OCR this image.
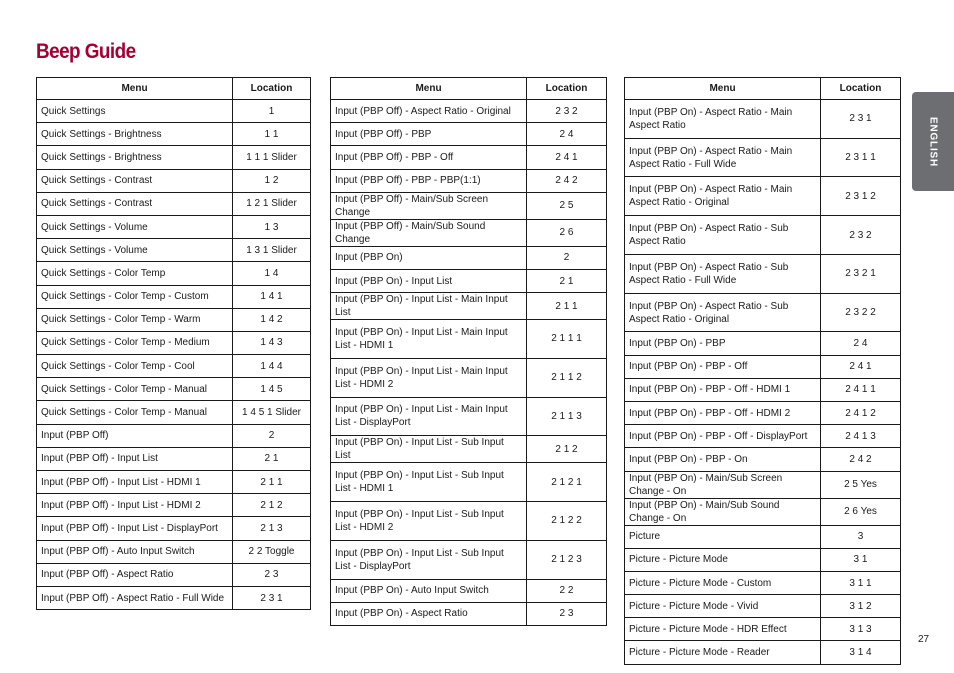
Beep Guide
Menu	Location
Quick Settings	1
Quick Settings - Brightness	1 1
Quick Settings - Brightness	1 1 1 Slider
Quick Settings - Contrast	1 2
Quick Settings - Contrast	1 2 1 Slider
Quick Settings - Volume	1 3
Quick Settings - Volume	1 3 1 Slider
Quick Settings - Color Temp	1 4
Quick Settings - Color Temp - Custom	1 4 1
Quick Settings - Color Temp - Warm	1 4 2
Quick Settings - Color Temp - Medium	1 4 3
Quick Settings - Color Temp - Cool	1 4 4
Quick Settings - Color Temp - Manual	1 4 5
Quick Settings - Color Temp - Manual	1 4 5 1 Slider
Input (PBP Off)	2
Input (PBP Off) - Input List	2 1
Input (PBP Off) - Input List - HDMI 1	2 1 1
Input (PBP Off) - Input List - HDMI 2	2 1 2
Input (PBP Off) - Input List - DisplayPort	2 1 3
Input (PBP Off) - Auto Input Switch	2 2 Toggle
Input (PBP Off) - Aspect Ratio	2 3
Input (PBP Off) - Aspect Ratio - Full Wide	2 3 1
Menu	Location
Input (PBP Off) - Aspect Ratio - Original	2 3 2
Input (PBP Off) - PBP	2 4
Input (PBP Off) - PBP - Off	2 4 1
Input (PBP Off) - PBP - PBP(1:1)	2 4 2
Input (PBP Off) - Main/Sub Screen Change	2 5
Input (PBP Off) - Main/Sub Sound Change	2 6
Input (PBP On)	2
Input (PBP On) - Input List	2 1
Input (PBP On) - Input List - Main Input List	2 1 1
Input (PBP On) - Input List - Main Input List - HDMI 1	2 1 1 1
Input (PBP On) - Input List - Main Input List - HDMI 2	2 1 1 2
Input (PBP On) - Input List - Main Input List - DisplayPort	2 1 1 3
Input (PBP On) - Input List - Sub Input List	2 1 2
Input (PBP On) - Input List - Sub Input List - HDMI 1	2 1 2 1
Input (PBP On) - Input List - Sub Input List - HDMI 2	2 1 2 2
Input (PBP On) - Input List - Sub Input List - DisplayPort	2 1 2 3
Input (PBP On) - Auto Input Switch	2 2
Input (PBP On) - Aspect Ratio	2 3
Menu	Location
Input (PBP On) - Aspect Ratio - Main Aspect Ratio	2 3 1
Input (PBP On) - Aspect Ratio - Main Aspect Ratio - Full Wide	2 3 1 1
Input (PBP On) - Aspect Ratio - Main Aspect Ratio - Original	2 3 1 2
Input (PBP On) - Aspect Ratio - Sub Aspect Ratio	2 3 2
Input (PBP On) - Aspect Ratio - Sub Aspect Ratio - Full Wide	2 3 2 1
Input (PBP On) - Aspect Ratio - Sub Aspect Ratio - Original	2 3 2 2
Input (PBP On) - PBP	2 4
Input (PBP On) - PBP - Off	2 4 1
Input (PBP On) - PBP - Off - HDMI 1	2 4 1 1
Input (PBP On) - PBP - Off - HDMI 2	2 4 1 2
Input (PBP On) - PBP - Off - DisplayPort	2 4 1 3
Input (PBP On) - PBP - On	2 4 2
Input (PBP On) - Main/Sub Screen Change - On	2 5 Yes
Input (PBP On) - Main/Sub Sound Change - On	2 6 Yes
Picture	3
Picture - Picture Mode	3 1
Picture - Picture Mode - Custom	3 1 1
Picture - Picture Mode - Vivid	3 1 2
Picture - Picture Mode - HDR Effect	3 1 3
Picture - Picture Mode - Reader	3 1 4
ENGLISH
27
